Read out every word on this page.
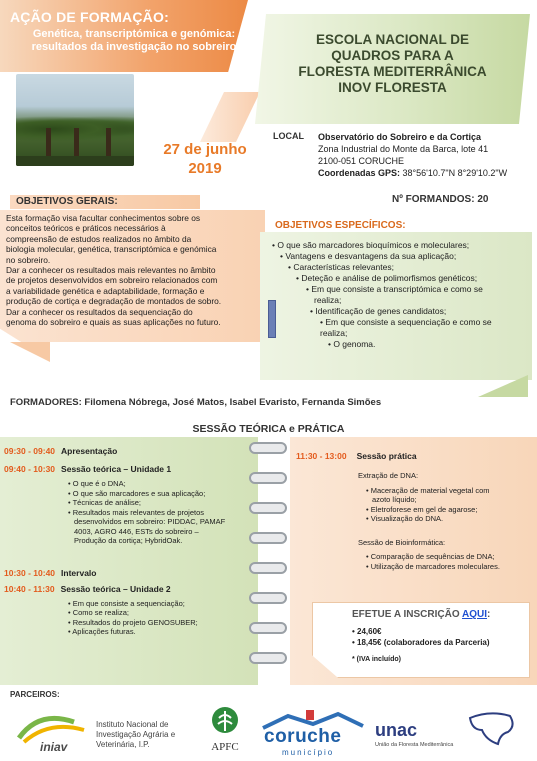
AÇÃO DE FORMAÇÃO:
Genética, transcriptómica e genómica:
resultados da investigação no sobreiro	ESCOLA NACIONAL DE
QUADROS PARA A
FLORESTA MEDITERRÂNICA
INOV FLORESTA
27 de junho
2019
LOCAL Observatório do Sobreiro e da Cortiça
Zona Industrial do Monte da Barca, lote 41
2100-051 CORUCHE
Coordenadas GPS: 38°56'10.7"N 8°29'10.2"W
OBJETIVOS GERAIS:	Nº FORMANDOS: 20
Esta formação visa facultar conhecimentos sobre os
conceitos teóricos e práticos necessários à
compreensão de estudos realizados no âmbito da
biologia molecular, genética, transcriptómica e genómica
no sobreiro.
Dar a conhecer os resultados mais relevantes no âmbito
de projetos desenvolvidos em sobreiro relacionados com
a variabilidade genética e adaptabilidade, formação e
produção de cortiça e degradação de montados de sobro.
Dar a conhecer os resultados da sequenciação do
genoma do sobreiro e quais as suas aplicações no futuro.
OBJETIVOS ESPECÍFICOS:
• O que são marcadores bioquímicos e moleculares;
• Vantagens e desvantagens da sua aplicação;
• Características relevantes;
• Deteção e análise de polimorfismos genéticos;
• Em que consiste a transcriptómica e como se
realiza;
• Identificação de genes candidatos;
• Em que consiste a sequenciação e como se
realiza;
• O genoma.
FORMADORES: Filomena Nóbrega, José Matos, Isabel Evaristo, Fernanda Simões
SESSÃO TEÓRICA e PRÁTICA
09:30 - 09:40 Apresentação
09:40 - 10:30 Sessão teórica – Unidade 1
• O que é o DNA;
• O que são marcadores e sua aplicação;
• Técnicas de análise;
• Resultados mais relevantes de projetos
desenvolvidos em sobreiro: PIDDAC, PAMAF
4003, AGRO 446, ESTs do sobreiro –
Produção da cortiça; HybridOak.
10:30 - 10:40 Intervalo
10:40 - 11:30 Sessão teórica – Unidade 2
• Em que consiste a sequenciação;
• Como se realiza;
• Resultados do projeto GENOSUBER;
• Aplicações futuras.
11:30 - 13:00 Sessão prática
Extração de DNA:
• Maceração de material vegetal com
azoto líquido;
• Eletroforese em gel de agarose;
• Visualização do DNA.
Sessão de Bioinformática:
• Comparação de sequências de DNA;
• Utilização de marcadores moleculares.
EFETUE A INSCRIÇÃO AQUI:
• 24,60€
• 18,45€ (colaboradores da Parceria)
* (IVA incluído)
PARCEIROS:
iniav
Instituto Nacional de
Investigação Agrária e
Veterinária, I.P.	APFC	coruche
município
unac
União da Floresta Mediterrânica
